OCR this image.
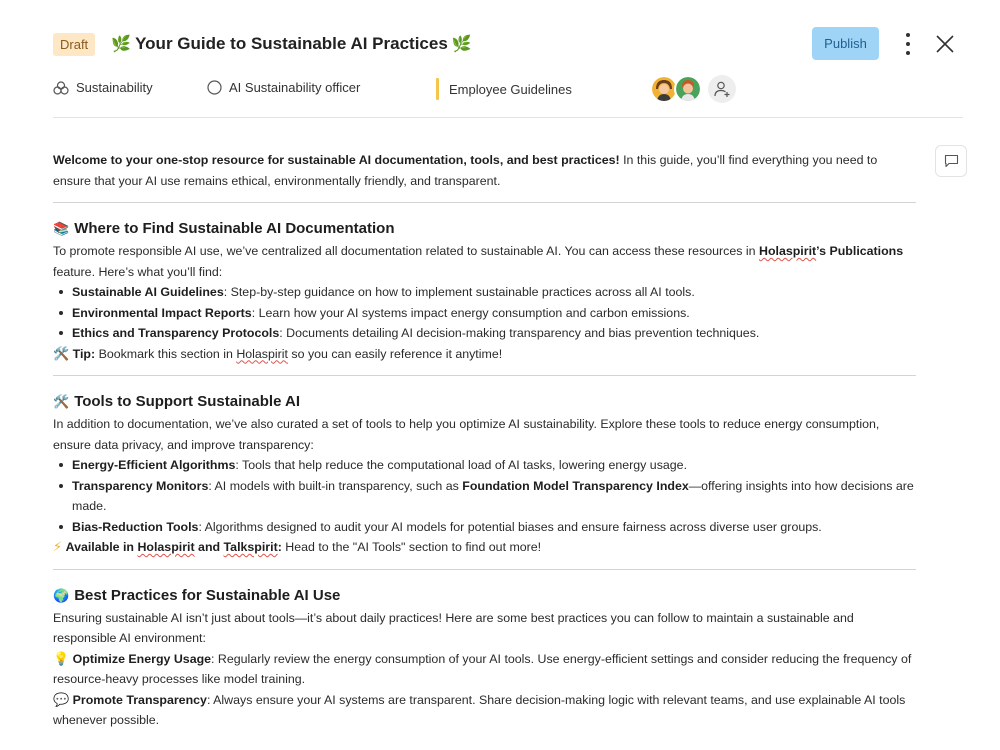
Draft	🌿 Your Guide to Sustainable AI Practices 🌿	Publish
Sustainability	AI Sustainability officer	Employee Guidelines

Welcome to your one-stop resource for sustainable AI documentation, tools, and best practices! In this guide, you’ll find everything you need to ensure that your AI use remains ethical, environmentally friendly, and transparent.

📚 Where to Find Sustainable AI Documentation

To promote responsible AI use, we’ve centralized all documentation related to sustainable AI. You can access these resources in Holaspirit’s Publications feature. Here’s what you’ll find:

Sustainable AI Guidelines: Step-by-step guidance on how to implement sustainable practices across all AI tools.
Environmental Impact Reports: Learn how your AI systems impact energy consumption and carbon emissions.
Ethics and Transparency Protocols: Documents detailing AI decision-making transparency and bias prevention techniques.

🛠️ Tip: Bookmark this section in Holaspirit so you can easily reference it anytime!

🛠️ Tools to Support Sustainable AI

In addition to documentation, we’ve also curated a set of tools to help you optimize AI sustainability. Explore these tools to reduce energy consumption, ensure data privacy, and improve transparency:

Energy-Efficient Algorithms: Tools that help reduce the computational load of AI tasks, lowering energy usage.
Transparency Monitors: AI models with built-in transparency, such as Foundation Model Transparency Index—offering insights into how decisions are made.
Bias-Reduction Tools: Algorithms designed to audit your AI models for potential biases and ensure fairness across diverse user groups.

⚡ Available in Holaspirit and Talkspirit: Head to the "AI Tools" section to find out more!

🌍 Best Practices for Sustainable AI Use

Ensuring sustainable AI isn’t just about tools—it’s about daily practices! Here are some best practices you can follow to maintain a sustainable and responsible AI environment:

💡 Optimize Energy Usage: Regularly review the energy consumption of your AI tools. Use energy-efficient settings and consider reducing the frequency of resource-heavy processes like model training.

💬 Promote Transparency: Always ensure your AI systems are transparent. Share decision-making logic with relevant teams, and use explainable AI tools whenever possible.
